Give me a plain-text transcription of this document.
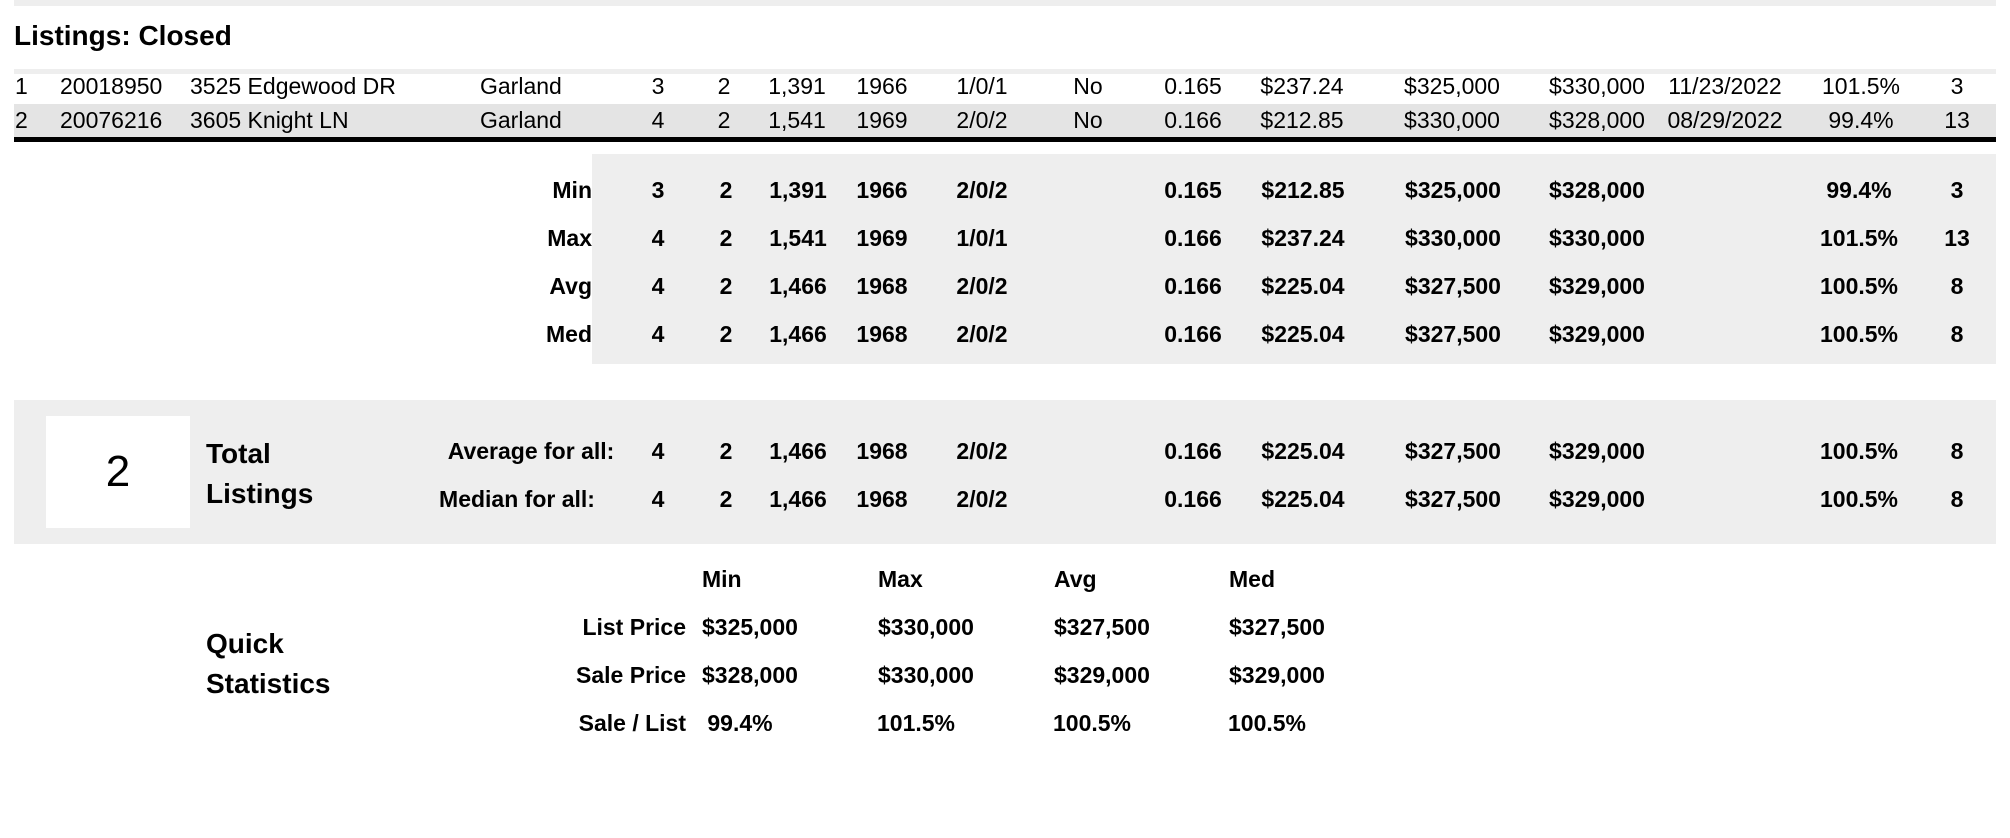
Listings: Closed
2	Total
Listings
Quick
Statistics
1 20018950 3525 Edgewood DR	Garland	3 2 1,391 1966 1/0/1	No	0.165 $237.24	$325,000 $330,000 11/23/2022 101.5% 3
2 20076216 3605 Knight LN	Garland	4 2 1,541 1969 2/0/2	No	0.166 $212.85	$330,000 $328,000 08/29/2022 99.4% 13
Min	3 2 1,391 1966 2/0/2	0.165 $212.85	$325,000 $328,000	99.4%	3
Max	4 2 1,541 1969 1/0/1	0.166 $237.24	$330,000 $330,000	101.5% 13
Avg	4 2 1,466 1968 2/0/2	0.166 $225.04	$327,500 $329,000	100.5% 8
Med	4 2 1,466 1968 2/0/2	0.166 $225.04	$327,500 $329,000	100.5% 8
Average for all: 4 2 1,466 1968 2/0/2	0.166 $225.04	$327,500 $329,000	100.5% 8
Median for all: 4 2 1,466 1968 2/0/2	0.166 $225.04	$327,500 $329,000	100.5% 8
Min	Max	Avg	Med
List Price $325,000	$330,000	$327,500	$327,500
Sale Price $328,000	$330,000	$329,000	$329,000
Sale / List 99.4%	101.5%	100.5%	100.5%
